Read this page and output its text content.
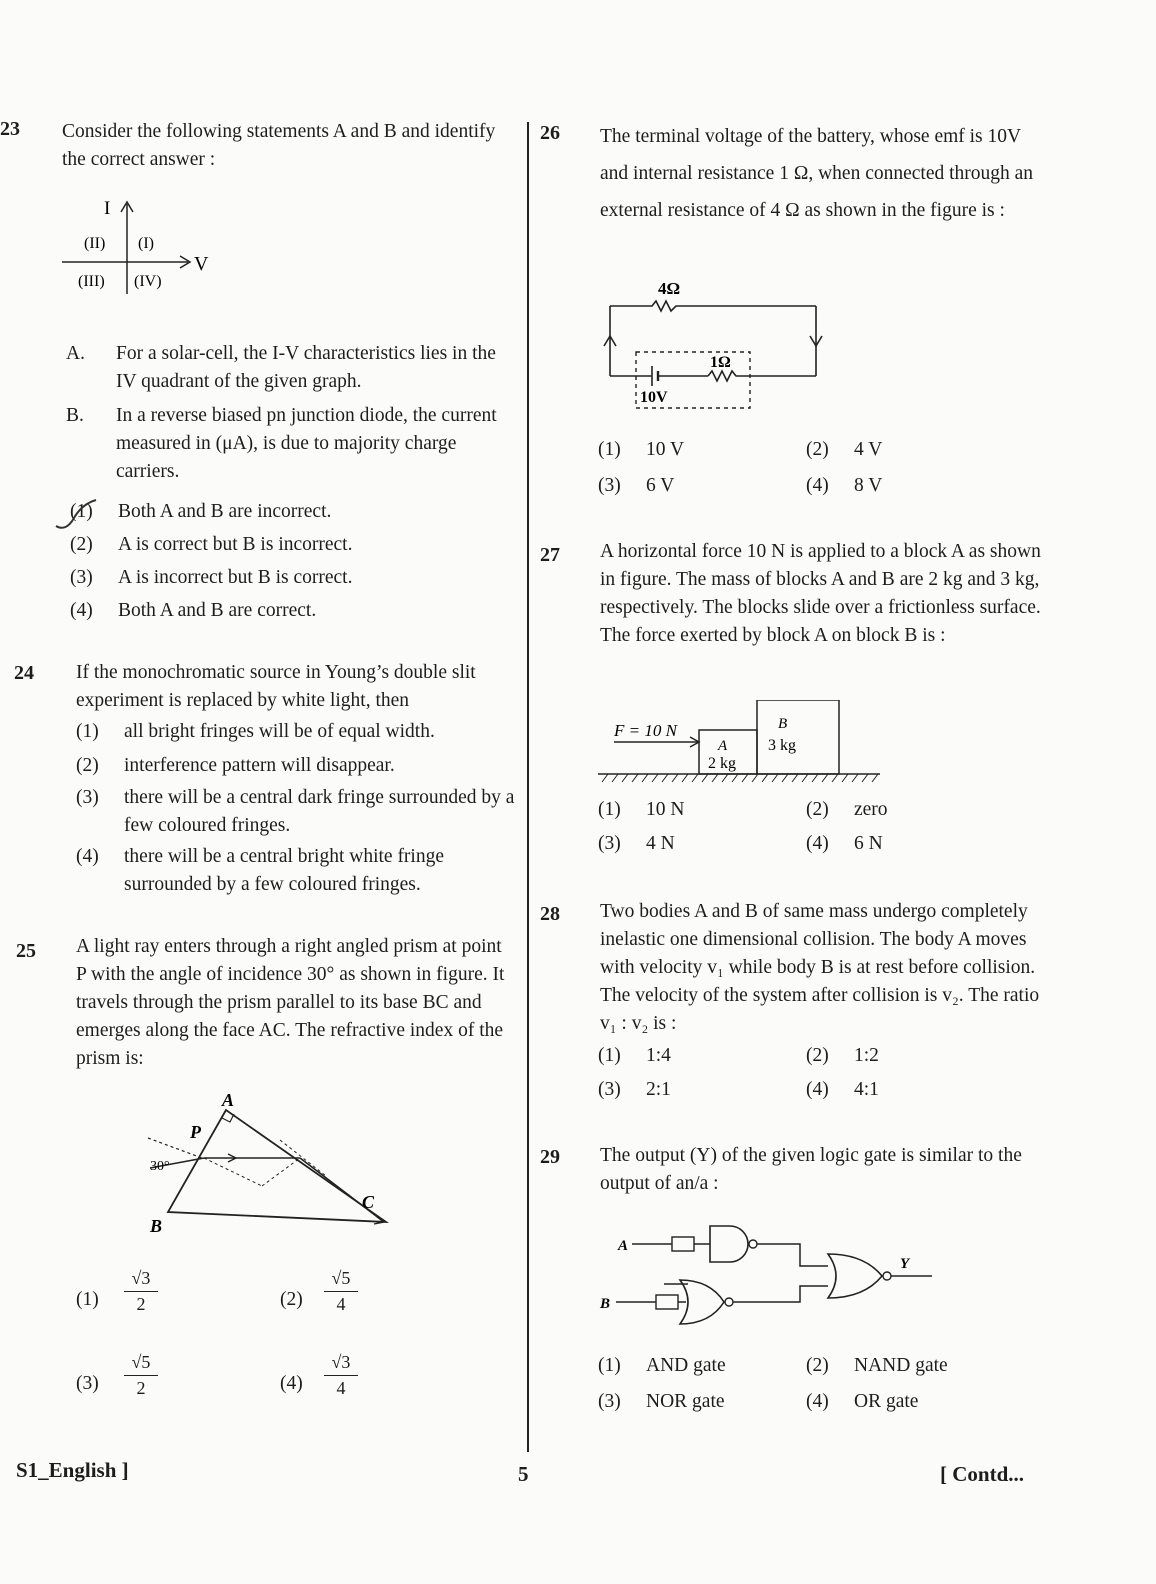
23 Consider the following statements A and B and identify the correct answer :
I
V
(II) (I)
(III) (IV)
A. For a solar-cell, the I-V characteristics lies in the IV quadrant of the given graph.
B. In a reverse biased pn junction diode, the current measured in (μA), is due to majority charge carriers.
(1) Both A and B are incorrect.
(2) A is correct but B is incorrect.
(3) A is incorrect but B is correct.
(4) Both A and B are correct.
24 If the monochromatic source in Young’s double slit experiment is replaced by white light, then
(1) all bright fringes will be of equal width.
(2) interference pattern will disappear.
(3) there will be a central dark fringe surrounded by a few coloured fringes.
(4) there will be a central bright white fringe surrounded by a few coloured fringes.
25 A light ray enters through a right angled prism at point P with the angle of incidence 30° as shown in figure. It travels through the prism parallel to its base BC and emerges along the face AC. The refractive index of the prism is:
A
P
30°
B
C
$(1) \frac{√3}{2}$	$(2) \frac{√5}{4}$
$(3) \frac{√5}{2}$	$(4) \frac{√3}{4}$
26 The terminal voltage of the battery, whose emf is 10V and internal resistance 1 Ω, when connected through an external resistance of 4 Ω as shown in the figure is :
4Ω
1Ω
10V
(1) 10 V	(2) 4 V
(3) 6 V	(4) 8 V
27 A horizontal force 10 N is applied to a block A as shown in figure. The mass of blocks A and B are 2 kg and 3 kg, respectively. The blocks slide over a frictionless surface. The force exerted by block A on block B is :
F = 10 N
A
2 kg
B
3 kg
(1) 10 N	(2) zero
(3) 4 N	(4) 6 N
28 Two bodies A and B of same mass undergo completely inelastic one dimensional collision. The body A moves with velocity v₁ while body B is at rest before collision. The velocity of the system after collision is v₂. The ratio v₁ : v₂ is :
(1) 1:4	(2) 1:2
(3) 2:1	(4) 4:1
29 The output (Y) of the given logic gate is similar to the output of an/a :
A
B
Y
(1) AND gate	(2) NAND gate
(3) NOR gate	(4) OR gate
S1_English ]	5	[ Contd...
